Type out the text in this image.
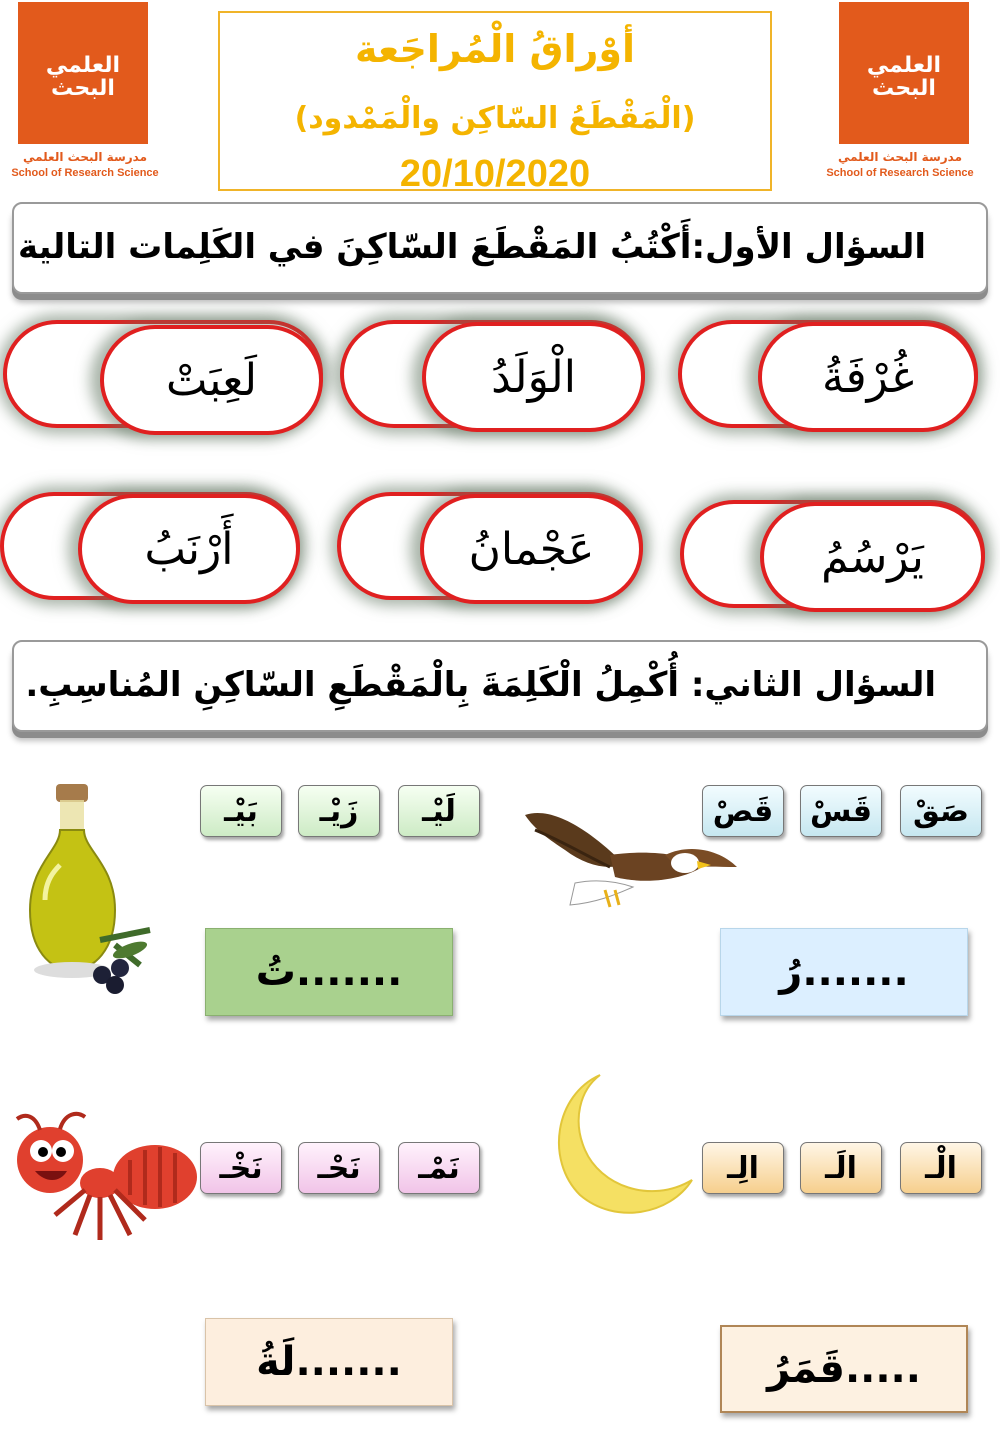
العلمي البحث
مدرسة البحث العلمي
School of Research Science
العلمي البحث
مدرسة البحث العلمي
School of Research Science
أوْراقُ الْمُراجَعة
(الْمَقْطَعُ السّاكِن والْمَمْدود)
20/10/2020
السؤال الأول:أَكْتُبُ المَقْطَعَ السّاكِنَ في الكَلِمات التالية
غُرْفَةُ
الْوَلَدُ
لَعِبَتْ
يَرْسُمُ
عَجْمانُ
أَرْنَبُ
السؤال الثاني: أُكْمِلُ الْكَلِمَةَ بِالْمَقْطَعِ السّاكِنِ المُناسِبِ.
صَقْ
قَسْ
قَصْ
.......رُ
لَيْـ
زَيْـ
بَيْـ
.......تُ
الْـ
الَـ
الِـ
.....قَمَرُ
نَمْـ
نَحْـ
نَخْـ
.......لَةُ
